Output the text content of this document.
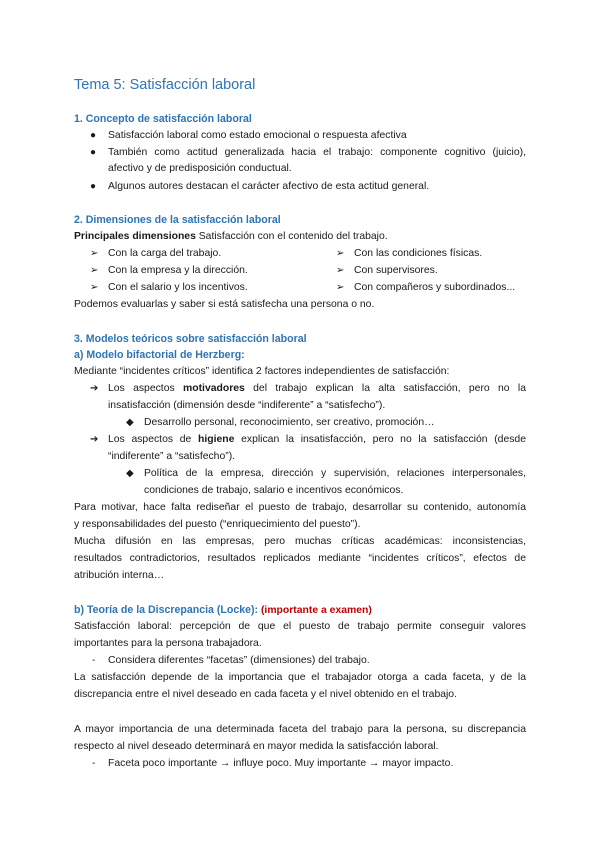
Tema 5: Satisfacción laboral
1. Concepto de satisfacción laboral
● Satisfacción laboral como estado emocional o respuesta afectiva
● También como actitud generalizada hacia el trabajo: componente cognitivo (juicio),
afectivo y de predisposición conductual.
● Algunos autores destacan el carácter afectivo de esta actitud general.
2. Dimensiones de la satisfacción laboral
Principales dimensiones Satisfacción con el contenido del trabajo.
➢ Con la carga del trabajo.
➢ Con la empresa y la dirección.
➢ Con el salario y los incentivos.
➢ Con las condiciones físicas.
➢ Con supervisores.
➢ Con compañeros y subordinados...
Podemos evaluarlas y saber si está satisfecha una persona o no.
3. Modelos teóricos sobre satisfacción laboral
a) Modelo bifactorial de Herzberg:
Mediante “incidentes críticos” identifica 2 factores independientes de satisfacción:
➔ Los aspectos motivadores del trabajo explican la alta satisfacción, pero no la
insatisfacción (dimensión desde “indiferente” a “satisfecho”).
◆ Desarrollo personal, reconocimiento, ser creativo, promoción…
➔ Los aspectos de higiene explican la insatisfacción, pero no la satisfacción (desde
“indiferente” a “satisfecho”).
◆ Política de la empresa, dirección y supervisión, relaciones interpersonales,
condiciones de trabajo, salario e incentivos económicos.
Para motivar, hace falta rediseñar el puesto de trabajo, desarrollar su contenido, autonomía
y responsabilidades del puesto (“enriquecimiento del puesto”).
Mucha difusión en las empresas, pero muchas críticas académicas: inconsistencias,
resultados contradictorios, resultados replicados mediante “incidentes críticos”, efectos de
atribución interna…
b) Teoría de la Discrepancia (Locke): (importante a examen)
Satisfacción laboral: percepción de que el puesto de trabajo permite conseguir valores
importantes para la persona trabajadora.
- Considera diferentes “facetas” (dimensiones) del trabajo.
La satisfacción depende de la importancia que el trabajador otorga a cada faceta, y de la
discrepancia entre el nivel deseado en cada faceta y el nivel obtenido en el trabajo.
A mayor importancia de una determinada faceta del trabajo para la persona, su discrepancia
respecto al nivel deseado determinará en mayor medida la satisfacción laboral.
- Faceta poco importante → influye poco. Muy importante → mayor impacto.
